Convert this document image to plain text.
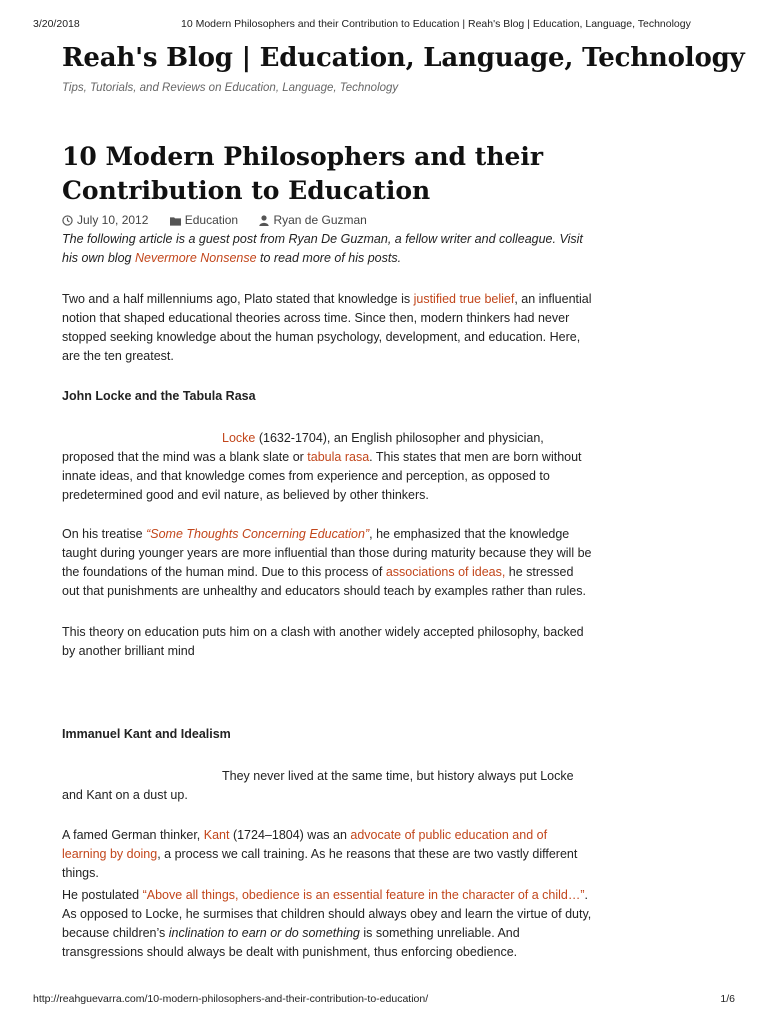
3/20/2018	10 Modern Philosophers and their Contribution to Education | Reah's Blog | Education, Language, Technology
Reah's Blog | Education, Language, Technology
Tips, Tutorials, and Reviews on Education, Language, Technology
10 Modern Philosophers and their Contribution to Education
July 10, 2012	Education	Ryan de Guzman

The following article is a guest post from Ryan De Guzman, a fellow writer and colleague. Visit his own blog Nevermore Nonsense to read more of his posts.

Two and a half millenniums ago, Plato stated that knowledge is justified true belief, an influential notion that shaped educational theories across time. Since then, modern thinkers had never stopped seeking knowledge about the human psychology, development, and education. Here, are the ten greatest.

John Locke and the Tabula Rasa

Locke (1632-1704), an English philosopher and physician, proposed that the mind was a blank slate or tabula rasa. This states that men are born without innate ideas, and that knowledge comes from experience and perception, as opposed to predetermined good and evil nature, as believed by other thinkers.

On his treatise “Some Thoughts Concerning Education”, he emphasized that the knowledge taught during younger years are more influential than those during maturity because they will be the foundations of the human mind. Due to this process of associations of ideas, he stressed out that punishments are unhealthy and educators should teach by examples rather than rules.

This theory on education puts him on a clash with another widely accepted philosophy, backed by another brilliant mind

Immanuel Kant and Idealism

They never lived at the same time, but history always put Locke and Kant on a dust up.

A famed German thinker, Kant (1724–1804) was an advocate of public education and of learning by doing, a process we call training. As he reasons that these are two vastly different things.

He postulated “Above all things, obedience is an essential feature in the character of a child…”. As opposed to Locke, he surmises that children should always obey and learn the virtue of duty, because children’s inclination to earn or do something is something unreliable. And transgressions should always be dealt with punishment, thus enforcing obedience.

http://reahguevarra.com/10-modern-philosophers-and-their-contribution-to-education/	1/6
